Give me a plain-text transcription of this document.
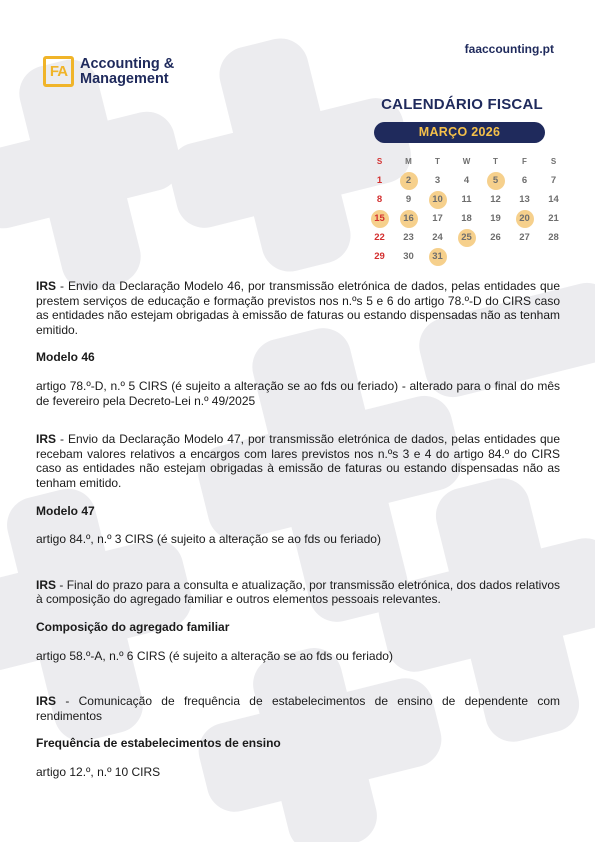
FA Accounting &
Management
faaccounting.pt
CALENDÁRIO FISCAL
MARÇO 2026
S	M	T	W	T	F	S
1	2	3	4	5	6	7
8	9	10	11	12	13	14
15	16	17	18	19	20	21
22	23	24	25	26	27	28
29	30	31

IRS - Envio da Declaração Modelo 46, por transmissão eletrónica de dados, pelas entidades que prestem serviços de educação e formação previstos nos n.ºs 5 e 6 do artigo 78.º-D do CIRS caso as entidades não estejam obrigadas à emissão de faturas ou estando dispensadas não as tenham emitido.

Modelo 46

artigo 78.º-D, n.º 5 CIRS (é sujeito a alteração se ao fds ou feriado) - alterado para o final do mês de fevereiro pela Decreto-Lei n.º 49/2025

IRS - Envio da Declaração Modelo 47, por transmissão eletrónica de dados, pelas entidades que recebam valores relativos a encargos com lares previstos nos n.ºs 3 e 4 do artigo 84.º do CIRS caso as entidades não estejam obrigadas à emissão de faturas ou estando dispensadas não as tenham emitido.

Modelo 47

artigo 84.º, n.º 3 CIRS (é sujeito a alteração se ao fds ou feriado)

IRS - Final do prazo para a consulta e atualização, por transmissão eletrónica, dos dados relativos à composição do agregado familiar e outros elementos pessoais relevantes.

Composição do agregado familiar

artigo 58.º-A, n.º 6 CIRS (é sujeito a alteração se ao fds ou feriado)

IRS - Comunicação de frequência de estabelecimentos de ensino de dependente com rendimentos

Frequência de estabelecimentos de ensino

artigo 12.º, n.º 10 CIRS
